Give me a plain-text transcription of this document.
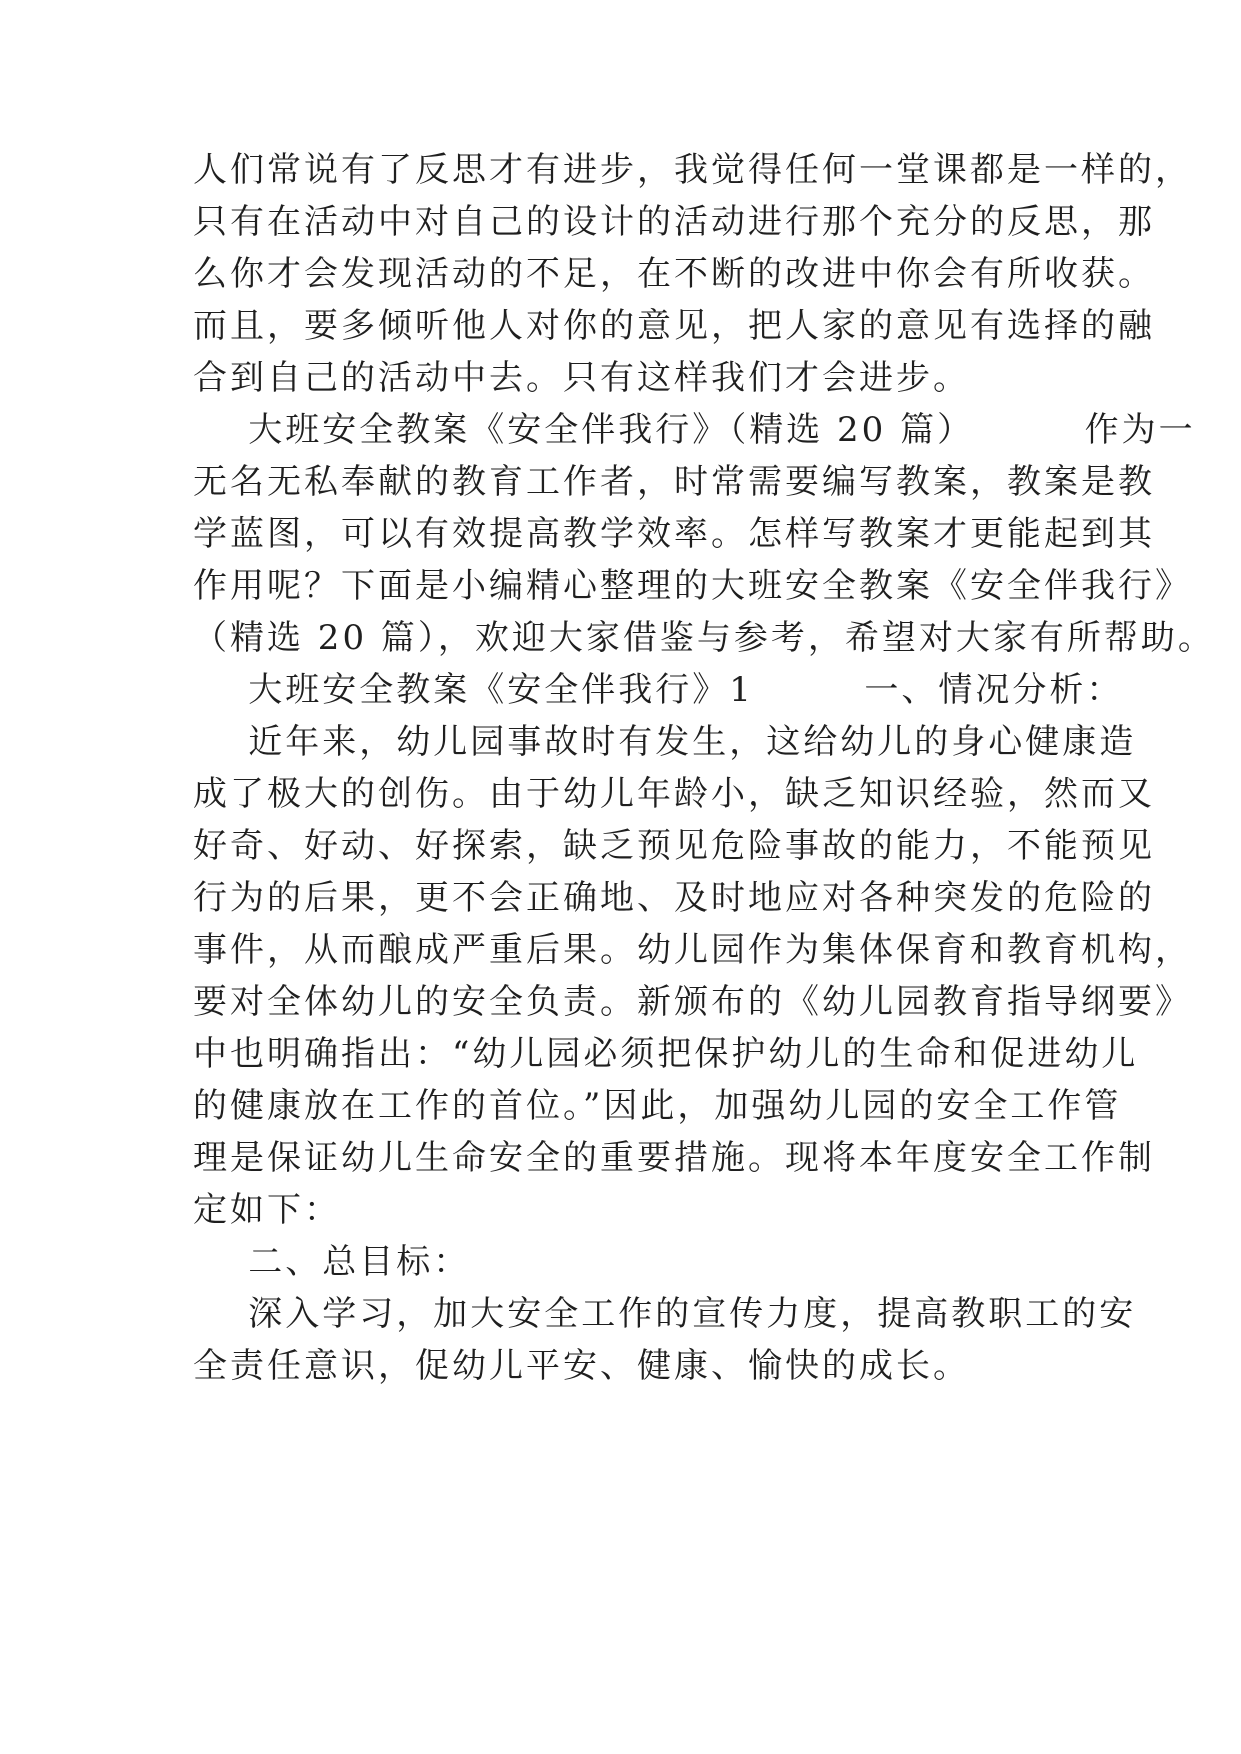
人们常说有了反思才有进步，我觉得任何一堂课都是一样的，
只有在活动中对自己的设计的活动进行那个充分的反思，那
么你才会发现活动的不足，在不断的改进中你会有所收获。
而且，要多倾听他人对你的意见，把人家的意见有选择的融
合到自己的活动中去。只有这样我们才会进步。
大班安全教案《安全伴我行》（精选 20 篇）        作为一
无名无私奉献的教育工作者，时常需要编写教案，教案是教
学蓝图，可以有效提高教学效率。怎样写教案才更能起到其
作用呢？下面是小编精心整理的大班安全教案《安全伴我行》
（精选 20 篇），欢迎大家借鉴与参考，希望对大家有所帮助。
大班安全教案《安全伴我行》1        一、情况分析：
近年来，幼儿园事故时有发生，这给幼儿的身心健康造
成了极大的创伤。由于幼儿年龄小，缺乏知识经验，然而又
好奇、好动、好探索，缺乏预见危险事故的能力，不能预见
行为的后果，更不会正确地、及时地应对各种突发的危险的
事件，从而酿成严重后果。幼儿园作为集体保育和教育机构，
要对全体幼儿的安全负责。新颁布的《幼儿园教育指导纲要》
中也明确指出：“幼儿园必须把保护幼儿的生命和促进幼儿
的健康放在工作的首位。”因此，加强幼儿园的安全工作管
理是保证幼儿生命安全的重要措施。现将本年度安全工作制
定如下：
二、总目标：
深入学习，加大安全工作的宣传力度，提高教职工的安
全责任意识，促幼儿平安、健康、愉快的成长。
